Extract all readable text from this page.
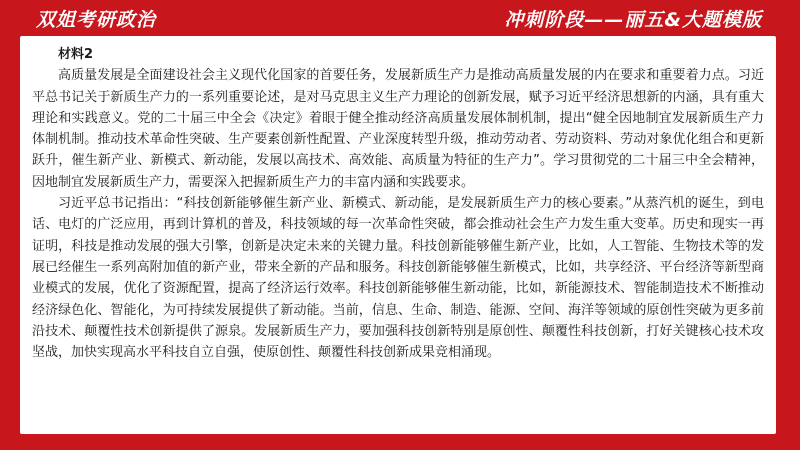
双姐考研政治	冲刺阶段——丽五&大题模版

材料2

高质量发展是全面建设社会主义现代化国家的首要任务，发展新质生产力是推动高质量发展的内在要求和重要着力点。习近平总书记关于新质生产力的一系列重要论述，是对马克思主义生产力理论的创新发展，赋予习近平经济思想新的内涵，具有重大理论和实践意义。党的二十届三中全会《决定》着眼于健全推动经济高质量发展体制机制，提出“健全因地制宜发展新质生产力体制机制。推动技术革命性突破、生产要素创新性配置、产业深度转型升级，推动劳动者、劳动资料、劳动对象优化组合和更新跃升，催生新产业、新模式、新动能，发展以高技术、高效能、高质量为特征的生产力”。学习贯彻党的二十届三中全会精神，因地制宜发展新质生产力，需要深入把握新质生产力的丰富内涵和实践要求。

习近平总书记指出：“科技创新能够催生新产业、新模式、新动能，是发展新质生产力的核心要素。”从蒸汽机的诞生，到电话、电灯的广泛应用，再到计算机的普及，科技领域的每一次革命性突破，都会推动社会生产力发生重大变革。历史和现实一再证明，科技是推动发展的强大引擎，创新是决定未来的关键力量。科技创新能够催生新产业，比如，人工智能、生物技术等的发展已经催生一系列高附加值的新产业，带来全新的产品和服务。科技创新能够催生新模式，比如，共享经济、平台经济等新型商业模式的发展，优化了资源配置，提高了经济运行效率。科技创新能够催生新动能，比如，新能源技术、智能制造技术不断推动经济绿色化、智能化，为可持续发展提供了新动能。当前，信息、生命、制造、能源、空间、海洋等领域的原创性突破为更多前沿技术、颠覆性技术创新提供了源泉。发展新质生产力，要加强科技创新特别是原创性、颠覆性科技创新，打好关键核心技术攻坚战，加快实现高水平科技自立自强，使原创性、颠覆性科技创新成果竞相涌现。
